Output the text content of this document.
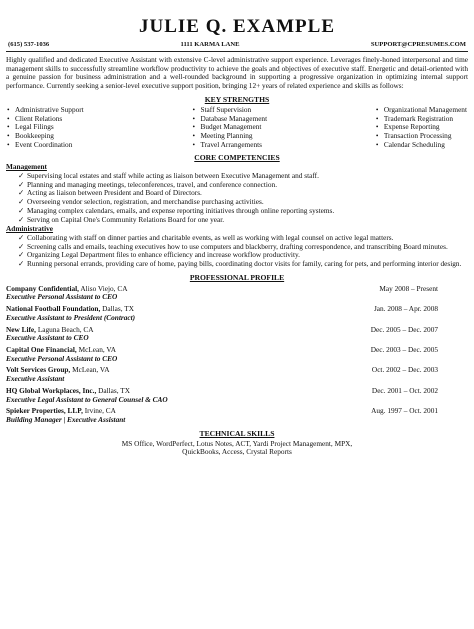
JULIE Q. EXAMPLE
(615) 537-1036	1111 KARMA LANE	SUPPORT@CPRESUMES.COM
Highly qualified and dedicated Executive Assistant with extensive C-level administrative support experience. Leverages finely-honed interpersonal and time management skills to successfully streamline workflow productivity to achieve the goals and objectives of executive staff. Energetic and detail-oriented with a genuine passion for business administration and a well-rounded background in supporting a progressive organization in optimizing internal support performance. Currently seeking a senior-level executive support position, bringing 12+ years of related experience and skills as follows:
KEY STRENGTHS
• Administrative Support
• Client Relations
• Legal Filings
• Bookkeeping
• Event Coordination
• Staff Supervision
• Database Management
• Budget Management
• Meeting Planning
• Travel Arrangements
• Organizational Management
• Trademark Registration
• Expense Reporting
• Transaction Processing
• Calendar Scheduling
CORE COMPETENCIES
Management
✓ Supervising local estates and staff while acting as liaison between Executive Management and staff.
✓ Planning and managing meetings, teleconferences, travel, and conference connection.
✓ Acting as liaison between President and Board of Directors.
✓ Overseeing vendor selection, registration, and merchandise purchasing activities.
✓ Managing complex calendars, emails, and expense reporting initiatives through online reporting systems.
✓ Serving on Capital One's Community Relations Board for one year.
Administrative
✓ Collaborating with staff on dinner parties and charitable events, as well as working with legal counsel on active legal matters.
✓ Screening calls and emails, teaching executives how to use computers and blackberry, drafting correspondence, and transcribing Board minutes.
✓ Organizing Legal Department files to enhance efficiency and increase workflow productivity.
✓ Running personal errands, providing care of home, paying bills, coordinating doctor visits for family, caring for pets, and performing interior design.
PROFESSIONAL PROFILE
Company Confidential, Aliso Viejo, CA	May 2008 – Present
Executive Personal Assistant to CEO
National Football Foundation, Dallas, TX	Jan. 2008 – Apr. 2008
Executive Assistant to President (Contract)
New Life, Laguna Beach, CA	Dec. 2005 – Dec. 2007
Executive Assistant to CEO
Capital One Financial, McLean, VA	Dec. 2003 – Dec. 2005
Executive Personal Assistant to CEO
Volt Services Group, McLean, VA	Oct. 2002 – Dec. 2003
Executive Assistant
HQ Global Workplaces, Inc., Dallas, TX	Dec. 2001 – Oct. 2002
Executive Legal Assistant to General Counsel & CAO
Spieker Properties, LLP, Irvine, CA	Aug. 1997 – Oct. 2001
Building Manager | Executive Assistant
TECHNICAL SKILLS
MS Office, WordPerfect, Lotus Notes, ACT, Yardi Project Management, MPX,
QuickBooks, Access, Crystal Reports
